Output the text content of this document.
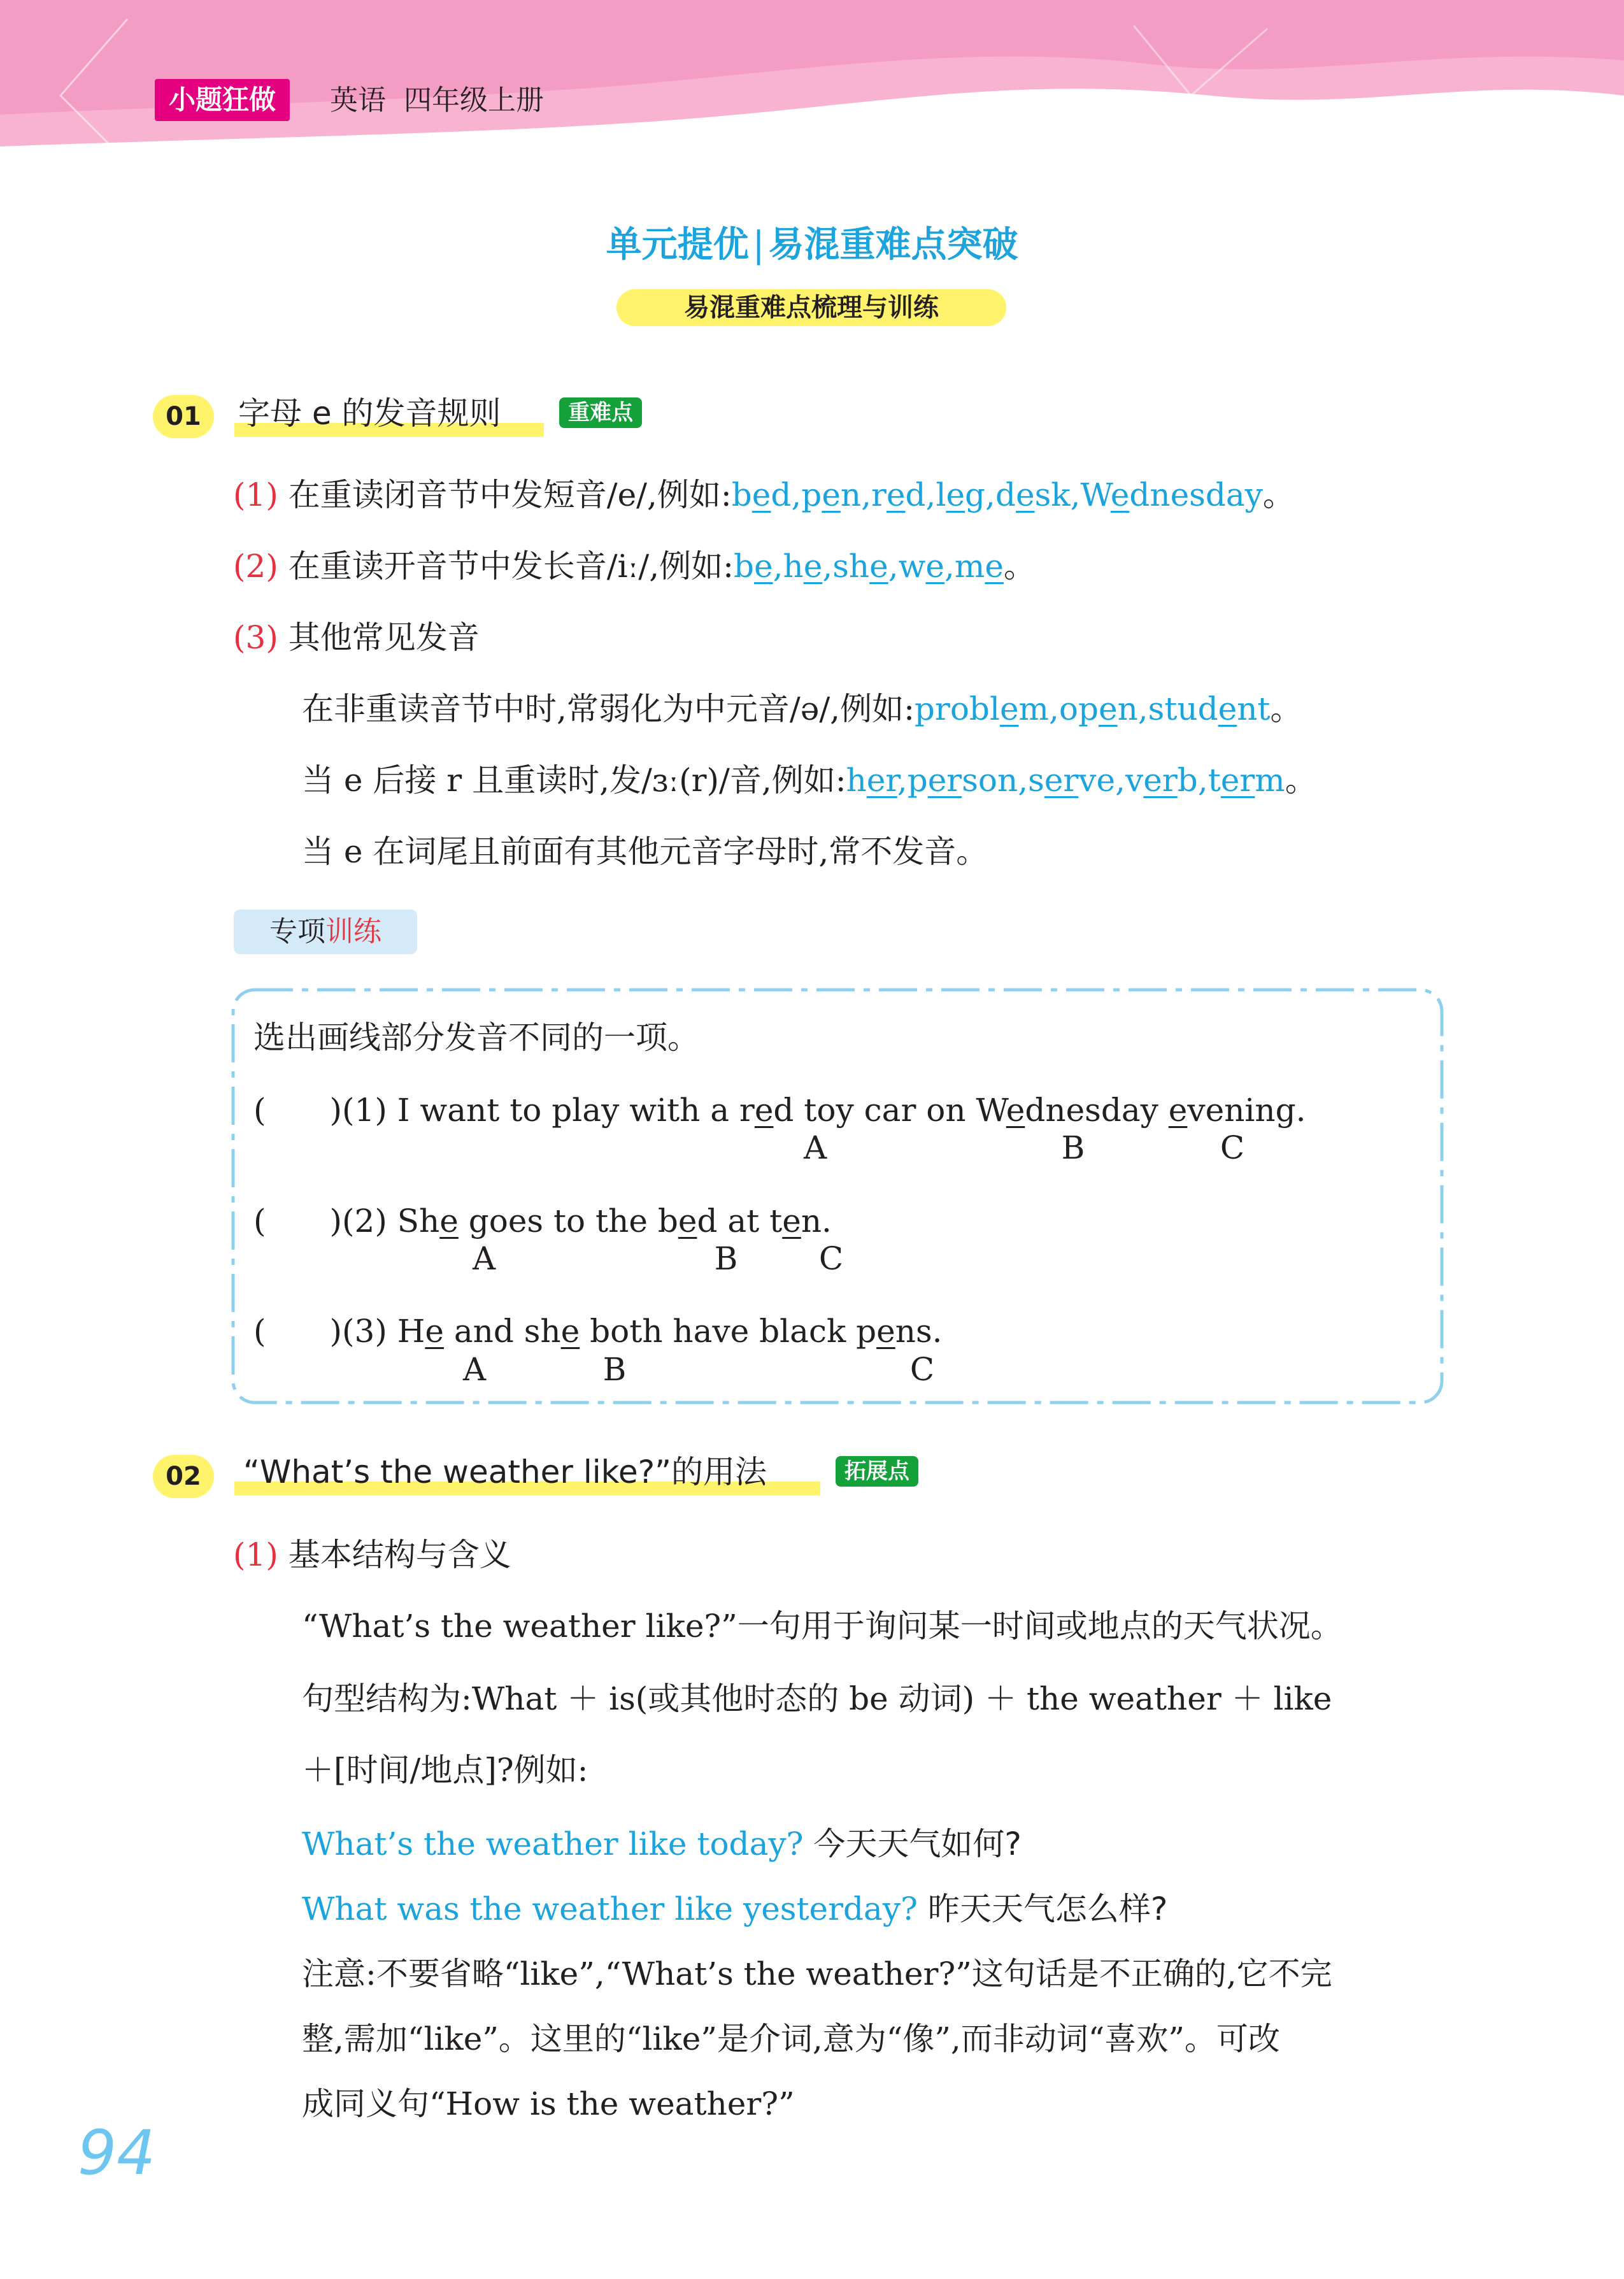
小题狂做	英语 四年级上册
单元提优 | 易混重难点突破
易混重难点梳理与训练
01	字母 e 的发音规则	重难点
(1) 在重读闭音节中发短音/e/,例如:bed,pen,red,leg,desk,Wednesday。
(2) 在重读开音节中发长音/iː/,例如:be,he,she,we,me。
(3) 其他常见发音
在非重读音节中时,常弱化为中元音/ə/,例如:problem,open,student。
当 e 后接 r 且重读时,发/ɜː(r)/音,例如:her,person,serve,verb,term。
当 e 在词尾且前面有其他元音字母时,常不发音。
专项训练
选出画线部分发音不同的一项。
(　　)(1) I want to play with a red toy car on Wednesday evening.
A	B	C
(　　)(2) She goes to the bed at ten.
A	B	C
(　　)(3) He and she both have black pens.
A	B	C
02	“What’s the weather like?”的用法	拓展点
(1) 基本结构与含义
“What’s the weather like?”一句用于询问某一时间或地点的天气状况。
句型结构为:What ＋ is(或其他时态的 be 动词) ＋ the weather ＋ like
＋[时间/地点]?例如:
What’s the weather like today? 今天天气如何?
What was the weather like yesterday? 昨天天气怎么样?
注意:不要省略“like”,“What’s the weather?”这句话是不正确的,它不完
整,需加“like”。这里的“like”是介词,意为“像”,而非动词“喜欢”。可改
成同义句“How is the weather?”
94
